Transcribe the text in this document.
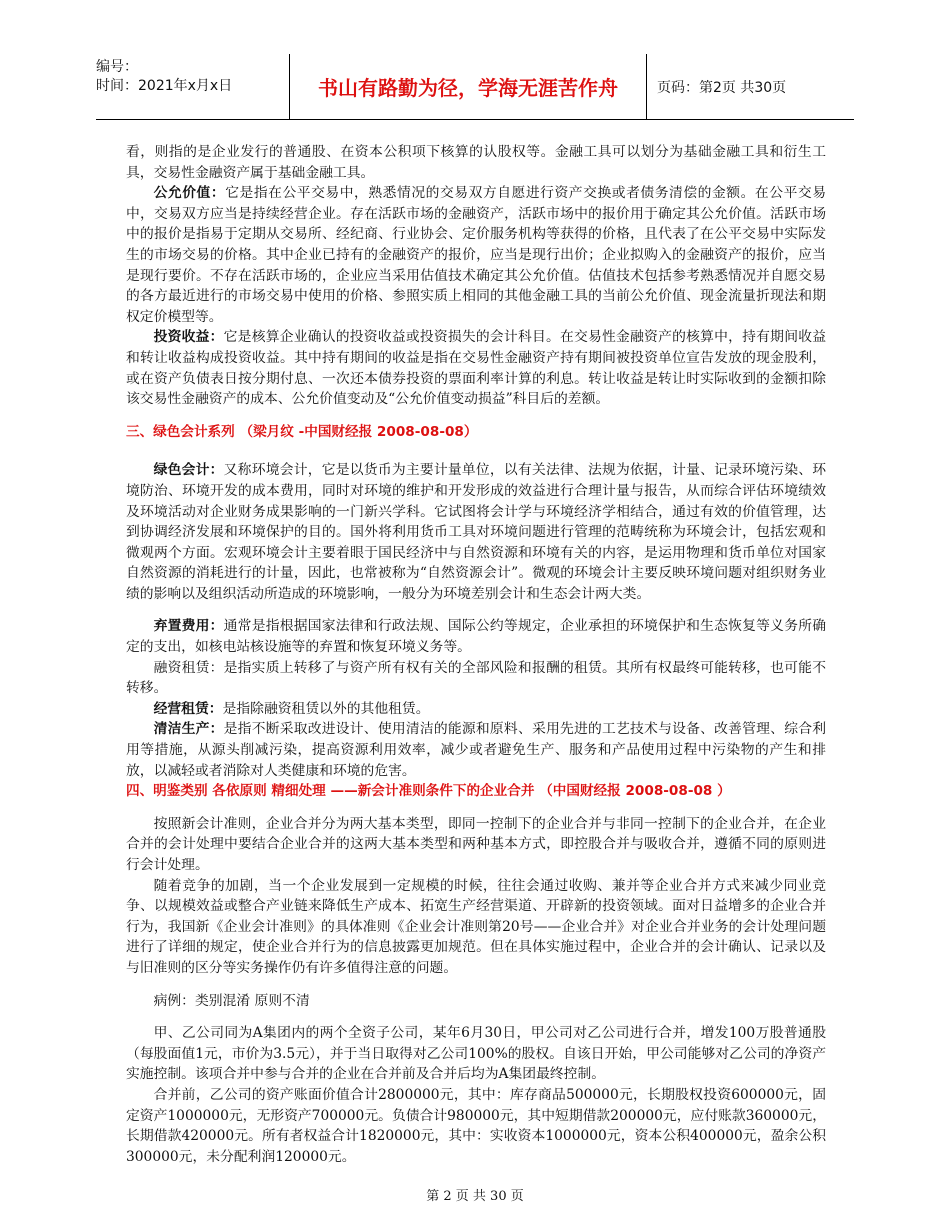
编号：
时间：2021年x月x日	书山有路勤为径，学海无涯苦作舟	页码：第2页 共30页

看，则指的是企业发行的普通股、在资本公积项下核算的认股权等。金融工具可以划分为基础金融工具和衍生工具，交易性金融资产属于基础金融工具。

公允价值：它是指在公平交易中，熟悉情况的交易双方自愿进行资产交换或者债务清偿的金额。在公平交易中，交易双方应当是持续经营企业。存在活跃市场的金融资产，活跃市场中的报价用于确定其公允价值。活跃市场中的报价是指易于定期从交易所、经纪商、行业协会、定价服务机构等获得的价格，且代表了在公平交易中实际发生的市场交易的价格。其中企业已持有的金融资产的报价，应当是现行出价；企业拟购入的金融资产的报价，应当是现行要价。不存在活跃市场的，企业应当采用估值技术确定其公允价值。估值技术包括参考熟悉情况并自愿交易的各方最近进行的市场交易中使用的价格、参照实质上相同的其他金融工具的当前公允价值、现金流量折现法和期权定价模型等。

投资收益：它是核算企业确认的投资收益或投资损失的会计科目。在交易性金融资产的核算中，持有期间收益和转让收益构成投资收益。其中持有期间的收益是指在交易性金融资产持有期间被投资单位宣告发放的现金股利，或在资产负债表日按分期付息、一次还本债券投资的票面利率计算的利息。转让收益是转让时实际收到的金额扣除该交易性金融资产的成本、公允价值变动及“公允价值变动损益”科目后的差额。

三、绿色会计系列 （梁月纹 -中国财经报 2008-08-08）

绿色会计：又称环境会计，它是以货币为主要计量单位，以有关法律、法规为依据，计量、记录环境污染、环境防治、环境开发的成本费用，同时对环境的维护和开发形成的效益进行合理计量与报告，从而综合评估环境绩效及环境活动对企业财务成果影响的一门新兴学科。它试图将会计学与环境经济学相结合，通过有效的价值管理，达到协调经济发展和环境保护的目的。国外将利用货币工具对环境问题进行管理的范畴统称为环境会计，包括宏观和微观两个方面。宏观环境会计主要着眼于国民经济中与自然资源和环境有关的内容，是运用物理和货币单位对国家自然资源的消耗进行的计量，因此，也常被称为“自然资源会计”。微观的环境会计主要反映环境问题对组织财务业绩的影响以及组织活动所造成的环境影响，一般分为环境差别会计和生态会计两大类。

弃置费用：通常是指根据国家法律和行政法规、国际公约等规定，企业承担的环境保护和生态恢复等义务所确定的支出，如核电站核设施等的弃置和恢复环境义务等。

融资租赁：是指实质上转移了与资产所有权有关的全部风险和报酬的租赁。其所有权最终可能转移，也可能不转移。

经营租赁：是指除融资租赁以外的其他租赁。

清洁生产：是指不断采取改进设计、使用清洁的能源和原料、采用先进的工艺技术与设备、改善管理、综合利用等措施，从源头削减污染，提高资源利用效率，减少或者避免生产、服务和产品使用过程中污染物的产生和排放，以减轻或者消除对人类健康和环境的危害。

四、明鉴类别 各依原则 精细处理 ——新会计准则条件下的企业合并 （中国财经报 2008-08-08 ）

按照新会计准则，企业合并分为两大基本类型，即同一控制下的企业合并与非同一控制下的企业合并，在企业合并的会计处理中要结合企业合并的这两大基本类型和两种基本方式，即控股合并与吸收合并，遵循不同的原则进行会计处理。

随着竞争的加剧，当一个企业发展到一定规模的时候，往往会通过收购、兼并等企业合并方式来减少同业竞争、以规模效益或整合产业链来降低生产成本、拓宽生产经营渠道、开辟新的投资领域。面对日益增多的企业合并行为，我国新《企业会计准则》的具体准则《企业会计准则第20号——企业合并》对企业合并业务的会计处理问题进行了详细的规定，使企业合并行为的信息披露更加规范。但在具体实施过程中，企业合并的会计确认、记录以及与旧准则的区分等实务操作仍有许多值得注意的问题。

病例：类别混淆 原则不清

甲、乙公司同为A集团内的两个全资子公司，某年6月30日，甲公司对乙公司进行合并，增发100万股普通股（每股面值1元，市价为3.5元），并于当日取得对乙公司100%的股权。自该日开始，甲公司能够对乙公司的净资产实施控制。该项合并中参与合并的企业在合并前及合并后均为A集团最终控制。

合并前，乙公司的资产账面价值合计2800000元，其中：库存商品500000元，长期股权投资600000元，固定资产1000000元，无形资产700000元。负债合计980000元，其中短期借款200000元，应付账款360000元，长期借款420000元。所有者权益合计1820000元，其中：实收资本1000000元，资本公积400000元，盈余公积300000元，未分配利润120000元。

第 2 页 共 30 页
